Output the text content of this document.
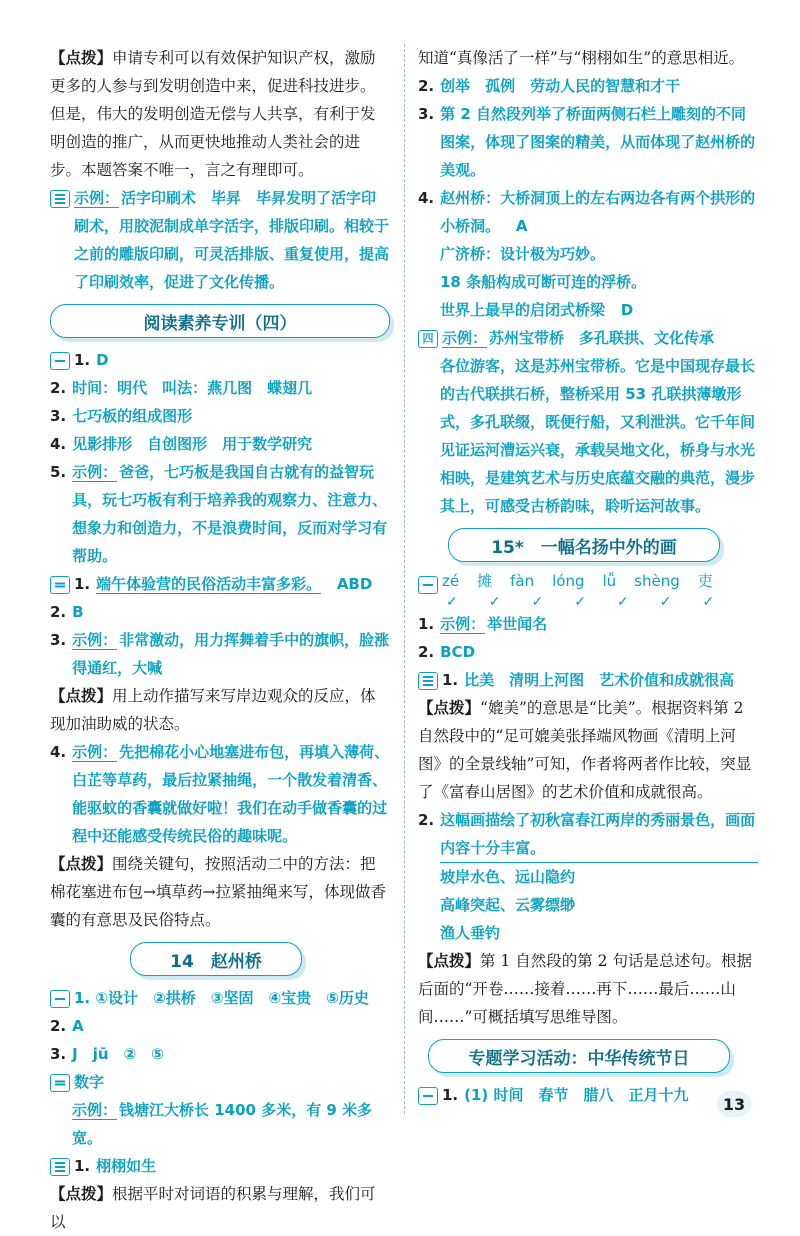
【点拨】申请专利可以有效保护知识产权，激励更多的人参与到发明创造中来，促进科技进步。但是，伟大的发明创造无偿与人共享，有利于发明创造的推广，从而更快地推动人类社会的进步。本题答案不唯一，言之有理即可。

示例： 活字印刷术　毕昇　毕昇发明了活字印刷术，用胶泥制成单字活字，排版印刷。相较于之前的雕版印刷，可灵活排版、重复使用，提高了印刷效率，促进了文化传播。
阅读素养专训（四）
1. D
2. 时间：明代　叫法：燕几图　蝶翅几
3. 七巧板的组成图形
4. 见影排形　自创图形　用于数学研究
5. 示例： 爸爸，七巧板是我国自古就有的益智玩具，玩七巧板有利于培养我的观察力、注意力、想象力和创造力，不是浪费时间，反而对学习有帮助。
1. 端午体验营的民俗活动丰富多彩。 ABD
2. B
3. 示例： 非常激动，用力挥舞着手中的旗帜，脸涨得通红，大喊

【点拨】用上动作描写来写岸边观众的反应，体现加油助威的状态。

4. 示例： 先把棉花小心地塞进布包，再填入薄荷、白芷等草药，最后拉紧抽绳，一个散发着清香、能驱蚊的香囊就做好啦！我们在动手做香囊的过程中还能感受传统民俗的趣味呢。

【点拨】围绕关键句，按照活动二中的方法：把棉花塞进布包→填草药→拉紧抽绳来写，体现做香囊的有意思及民俗特点。

14　赵州桥
1. ①设计　②拱桥　③坚固　④宝贵　⑤历史
2. A
3. J　jū　②　⑤
数字
示例： 钱塘江大桥长 1400 多米，有 9 米多宽。
1. 栩栩如生

【点拨】根据平时对词语的积累与理解，我们可以

知道“真像活了一样”与“栩栩如生”的意思相近。

2. 创举　孤例　劳动人民的智慧和才干
3. 第 2 自然段列举了桥面两侧石栏上雕刻的不同图案，体现了图案的精美，从而体现了赵州桥的美观。
4. 赵州桥：大桥洞顶上的左右两边各有两个拱形的小桥洞。 A
广济桥：设计极为巧妙。
18 条船构成可断可连的浮桥。
世界上最早的启闭式桥梁 D
四 示例： 苏州宝带桥　多孔联拱、文化传承
各位游客，这是苏州宝带桥。它是中国现存最长的古代联拱石桥，整桥采用 53 孔联拱薄墩形式，多孔联缀，既便行船，又利泄洪。它千年间见证运河漕运兴衰，承载吴地文化，桥身与水光相映，是建筑艺术与历史底蕴交融的典范，漫步其上，可感受古桥韵味，聆听运河故事。
15*　一幅名扬中外的画
zé 摊 fàn lóng lǚ shèng 吏
✓ ✓ ✓ ✓ ✓ ✓ ✓
1. 示例： 举世闻名
2. BCD
1. 比美　清明上河图　艺术价值和成就很高

【点拨】“媲美”的意思是“比美”。根据资料第 2 自然段中的“足可媲美张择端风物画《清明上河图》的全景线轴”可知，作者将两者作比较，突显了《富春山居图》的艺术价值和成就很高。

2. 这幅画描绘了初秋富春江两岸的秀丽景色，画面内容十分丰富。
坡岸水色、远山隐约
高峰突起、云雾缥缈
渔人垂钓

【点拨】第 1 自然段的第 2 句话是总述句。根据后面的“开卷……接着……再下……最后……山间……”可概括填写思维导图。

专题学习活动：中华传统节日
1. (1) 时间　春节　腊八　正月十九	13
